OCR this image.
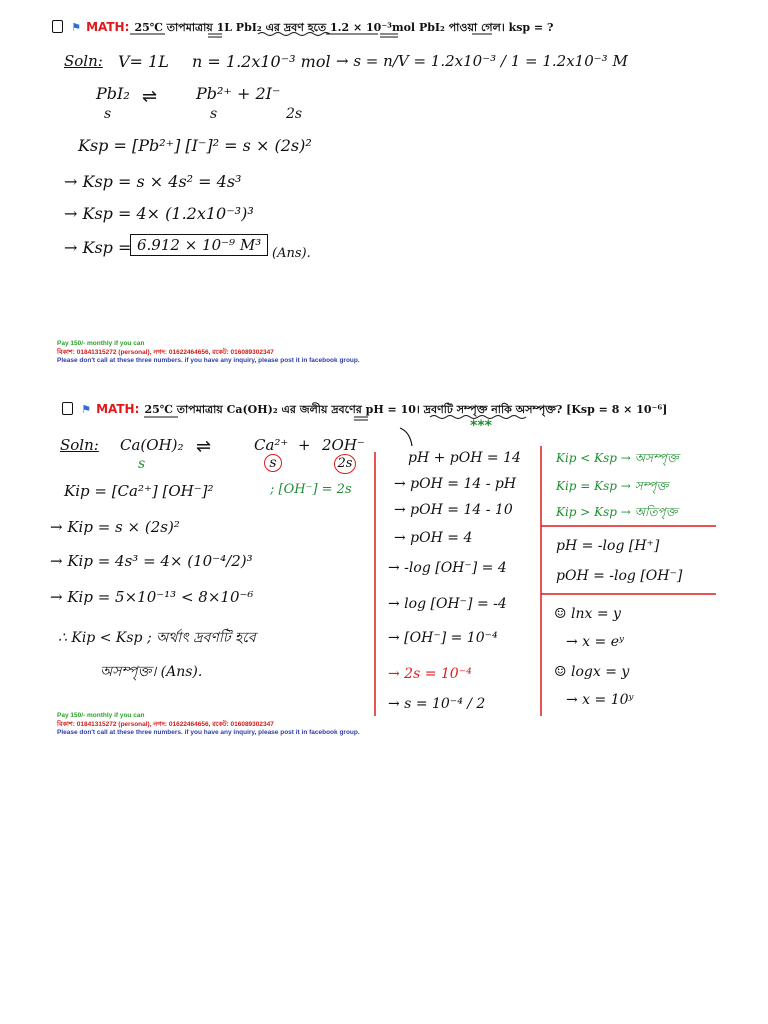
⚑ MATH: 25℃ তাপমাত্রায় 1L PbI₂ এর দ্রবণ হতে 1.2 × 10⁻³mol PbI₂ পাওয়া গেল। ksp = ?
Soln: V= 1L n = 1.2x10⁻³ mol → s = n/V = 1.2x10⁻³ / 1 = 1.2x10⁻³ M
PbI₂ ⇌ Pb²⁺ + 2I⁻
s	s	2s
Ksp = [Pb²⁺] [I⁻]² = s × (2s)²
→ Ksp = s × 4s² = 4s³
→ Ksp = 4× (1.2x10⁻³)³
→ Ksp = 6.912 × 10⁻⁹ M³ (Ans).
Pay 150/- monthly if you can
বিকাশ: 01841315272 (personal), নগদ: 01622464656, রকেট: 016089302347
Please don't call at these three numbers. if you have any inquiry, please post it in facebook group.
⚑ MATH: 25℃ তাপমাত্রায় Ca(OH)₂ এর জলীয় দ্রবণের pH = 10। দ্রবণটি সম্পৃক্ত নাকি অসম্পৃক্ত? [Ksp = 8 × 10⁻⁶]
***
Soln: Ca(OH)₂ ⇌	Ca²⁺ + 2OH⁻
s	s	2s
Kip = [Ca²⁺] [OH⁻]²	; [OH⁻] = 2s
→ Kip = s × (2s)²
→ Kip = 4s³ = 4× (10⁻⁴/2)³
→ Kip = 5×10⁻¹³ < 8×10⁻⁶
∴ Kip < Ksp ; অর্থাৎ দ্রবণটি হবে
অসম্পৃক্ত। (Ans).
pH + pOH = 14
→ pOH = 14 - pH
→ pOH = 14 - 10
→ pOH = 4
→ -log [OH⁻] = 4
→ log [OH⁻] = -4
→ [OH⁻] = 10⁻⁴
→ 2s = 10⁻⁴
→ s = 10⁻⁴ / 2
Kip < Ksp → অসম্পৃক্ত
Kip = Ksp → সম্পৃক্ত
Kip > Ksp → অতিপৃক্ত
pH = -log [H⁺]
pOH = -log [OH⁻]
☺ lnx = y
→ x = eʸ
☺ logx = y
→ x = 10ʸ
Pay 150/- monthly if you can
বিকাশ: 01841315272 (personal), নগদ: 01622464656, রকেট: 016089302347
Please don't call at these three numbers. if you have any inquiry, please post it in facebook group.
